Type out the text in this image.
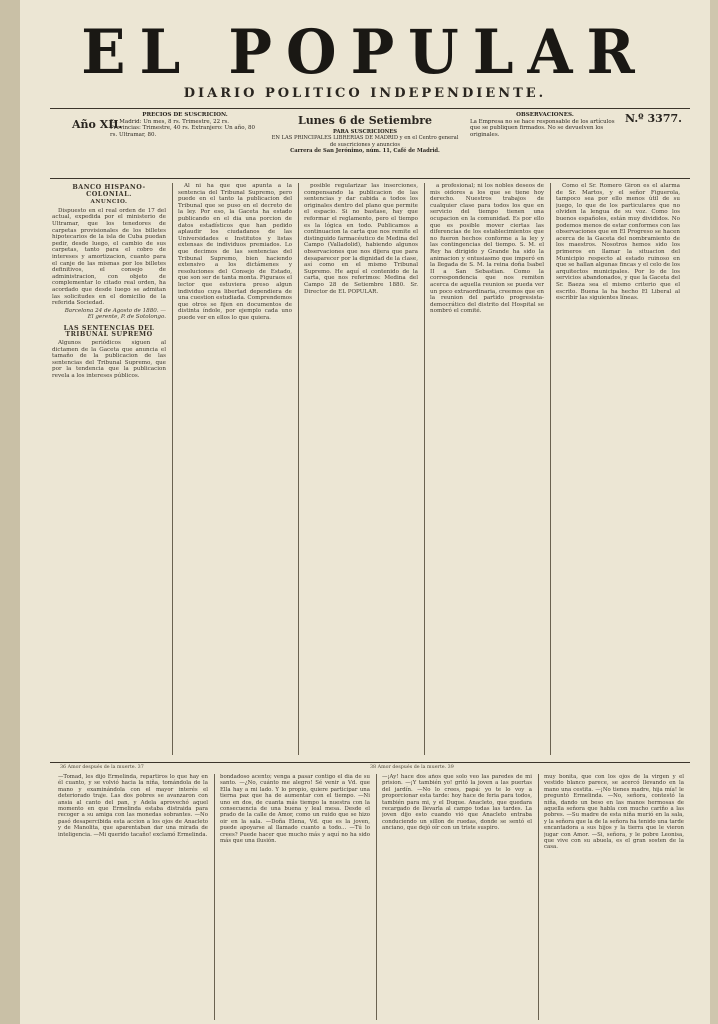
EL POPULAR
DIARIO POLITICO INDEPENDIENTE.
PRECIOS DE SUSCRICION.
En Madrid: Un mes, 8 rs. Trimestre, 22 rs. Provincias: Trimestre, 40 rs. Extranjero: Un año, 80 rs. Ultramar, 80.
Año XII.	Lunes 6 de Setiembre
PARA SUSCRICIONES
EN LAS PRINCIPALES LIBRERIAS DE MADRID y en el Centro general de suscriciones y anuncios
Carrera de San Jerónimo, núm. 11, Café de Madrid.
OBSERVACIONES.
La Empresa no se hace responsable de los artículos que se publiquen firmados. No se devuelven los originales.
N.º 3377.
BANCO HISPANO-COLONIAL.
ANUNCIO.

Dispuesto en el real orden de 17 del actual, expedida por el ministerio de Ultramar, que los tenedores de carpetas provisionales de los billetes hipotecarios de la isla de Cuba puedan pedir, desde luego, el cambio de sus carpetas, tanto para el cobro de intereses y amortizacion, cuanto para el canje de las mismas por los billetes definitivos, el consejo de administracion, con objeto de complementar lo citado real orden, ha acordado que desde luego se admitan las solicitudes en el domicilio de la referida Sociedad.

Barcelona 24 de Agosto de 1880. — El gerente, P. de Sotolongo.

LAS SENTENCIAS DEL TRIBUNAL SUPREMO

Algunos periódicos siguen al dictamen de la Gaceta que anuncia el tamaño de la publicacion de las sentencias del Tribunal Supremo, que por la tendencia que la publicacion revela a los intereses públicos.

Al ni ha que que apunta a la sentencia del Tribunal Supremo, pero puede en el tanto la publicacion del Tribunal que se puso en el decreto de la ley. Por eso, la Gaceta ha estado publicando en el dia una porcion de datos estadísticos que han pedido aplaudir los ciudadanos de las Universidades e Institutos y listas extensas de individuos premiados. Lo que decimos de las sentencias del Tribunal Supremo, bien haciendo extensivo a los dictámenes y resoluciones del Consejo de Estado, que son ser de tanta monta. Figuraos el lector que estuviera preso algun individuo cuya libertad dependiera de una cuestion estudiada. Comprendemos que otros se fijen en documentos de distinta índole, por ejemplo cada uno puede ver en ellos lo que quiera.

posible regularizar las inserciones, compensando la publicacion de las sentencias y dar cabida a todos los originales dentro del plano que permite el espacio. Si no bastase, hay que reformar el reglamento, pero el tiempo es la lógica en todo. Publicamos a continuacion la carta que nos remite el distinguido farmacéutico de Medina del Campo (Valladolid), habiendo algunos observaciones que nos dijera que para desaparecer por la dignidad de la clase, así como en el mismo Tribunal Supremo. He aquí el contenido de la carta, que nos referimos: Medina del Campo 28 de Setiembre 1880. Sr. Director de EL POPULAR.

a profesional; ni los nobles deseos de mis oidores a los que se tiene hoy derecho. Nuestros trabajos de cualquier clase para todos los que en servicio del tiempo tienen una ocupacion en la comunidad. Es por ello que es posible mover ciertas las diferencias de los establecimientos que no fueron hechos conforme a la ley y las contingencias del tiempo. S. M. el Rey ha dirigido y Grande ha sido la animacion y entusiasmo que imperó en la llegada de S. M. la reina doña Isabel II a San Sebastian. Como la correspondencia que nos remiten acerca de aquella reunion se pueda ver un poco extraordinaria, creemos que en la reunion del partido progresista-democrático del distrito del Hospital se nombró el comité.

Como el Sr. Romero Giron es el alarma de Sr. Martos, y el señor Figuerola, tampoco sea por ello menos útil de su juego, lo que de los particulares que no olviden la lengua de su voz. Como los buenos españoles, están muy divididos. No podemos menos de estar conformes con las observaciones que en El Progreso se hacen acerca de la Gaceta del nombramiento de los maestros. Nosotros hemos sido los primeros en llamar la situacion del Municipio respecto al estado ruinoso en que se hallan algunas fincas y el celo de los arquitectos municipales. Por lo de los servicios abandonados, y que la Gaceta del Sr. Baeza sea el mismo criterio que el escrito. Buena la ha hecho El Liberal al escribir las siguientes líneas.

36 Amor después de la muerte. 37	38 Amor después de la muerte. 39
—Tomad, les dijo Ermelinda, repartiros lo que hay en él cuanto, y se volvió hacia la niña, tomándola de la mano y examinándola con el mayor interés el deteriorado traje. Las dos pobres se avanzaron con ansia al canto del pan, y Adela aprovechó aquel momento en que Ermelinda estaba distraida para recoger a su amiga con las monedas sobrantes. —No pasó desapercibida esta accion a los ojos de Anacleto y de Manolita, que aparentaban dar una mirada de inteligencia. —Mi querido tacaño! exclamó Ermelinda.
bondadoso acento; venga a pasar contigo el día de su santo. —¿No, cuánto me alegro! Sé venir a Vd. que Ella hay a mi lado. Y lo propio, quiere participar una tierna paz que ha de aumentar con el tiempo. —Ni uno en dos, de cuanta más tiempo la nuestra con la consecuencia de una buena y leal mesa. Desde el prado de la calle de Amor, como un ruido que se hizo oir en la sala. —Doña Elena, Vd. que es la joven, puede apoyarse al llamado cuanto a todo... —Tú lo crees? Puede hacer que mucho más y aquí no ha sido más que una ilusión.
—¡Ay! hace dos años que solo veo las paredes de mi prision. —¡Y también yo! gritó la joven a las puertas del jardín. —No lo crees, papá: yo te lo voy a proporcionar esta tarde: hoy hace de feria para todos, también para mi, y el Duque. Anacleto, que quedara recargado de llevarla al campo todas las tardes. La joven dijo esto cuando vió que Anacleto entraba conduciendo un sillon de ruedas, donde se sentó el anciano, que dejó oír con un triste suspiro.
muy bonita, que con los ojos de la virgen y el vestido blanco parece, se acercó llevando en la mano una cestita. —¡No tienes madre, hija mía! le preguntó Ermelinda. —No, señora, contestó la niña, dando un beso en las manos hermosas de aquella señora que habla con mucho cariño a las pobres. —Su madre de esta niña murió en la sala, y la señora que la de la señora ha tenido una tarde encantadora a sus hijos y la tierra que le vieron jugar con Amor. —Si, señora, y le pobre Leonisa, que vive con su abuela, es el gran sosten de la casa.
